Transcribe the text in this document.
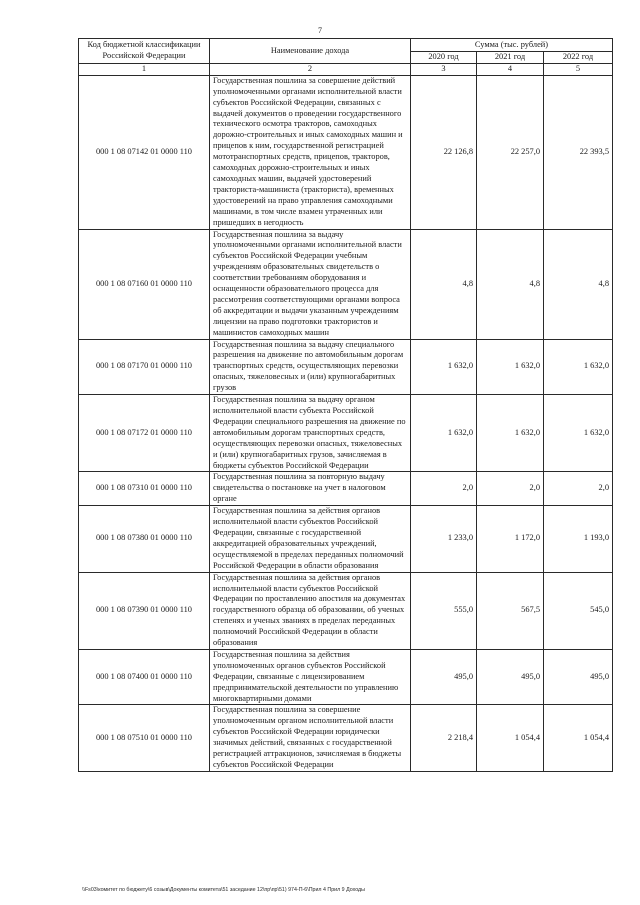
7
Код бюджетной классификации Российской Федерации	Наименование дохода	Сумма (тыс. рублей)		
		2020 год	2021 год	2022 год
1	2	3	4	5
000 1 08 07142 01 0000 110	Государственная пошлина за совершение действий уполномоченными органами исполнительной власти субъектов Российской Федерации, связанных с выдачей документов о проведении государственного технического осмотра тракторов, самоходных дорожно-строительных и иных самоходных машин и прицепов к ним, государственной регистрацией мототранспортных средств, прицепов, тракторов, самоходных дорожно-строительных и иных самоходных машин, выдачей удостоверений тракториста-машиниста (тракториста), временных удостоверений на право управления самоходными машинами, в том числе взамен утраченных или пришедших в негодность	22 126,8	22 257,0	22 393,5
000 1 08 07160 01 0000 110	Государственная пошлина за выдачу уполномоченными органами исполнительной власти субъектов Российской Федерации учебным учреждениям образовательных свидетельств о соответствии требованиям оборудования и оснащенности образовательного процесса для рассмотрения соответствующими органами вопроса об аккредитации и выдачи указанным учреждениям лицензии на право подготовки трактористов и машинистов самоходных машин	4,8	4,8	4,8
000 1 08 07170 01 0000 110	Государственная пошлина за выдачу специального разрешения на движение по автомобильным дорогам транспортных средств, осуществляющих перевозки опасных, тяжеловесных и (или) крупногабаритных грузов	1 632,0	1 632,0	1 632,0
000 1 08 07172 01 0000 110	Государственная пошлина за выдачу органом исполнительной власти субъекта Российской Федерации специального разрешения на движение по автомобильным дорогам транспортных средств, осуществляющих перевозки опасных, тяжеловесных и (или) крупногабаритных грузов, зачисляемая в бюджеты субъектов Российской Федерации	1 632,0	1 632,0	1 632,0
000 1 08 07310 01 0000 110	Государственная пошлина за повторную выдачу свидетельства о постановке на учет в налоговом органе	2,0	2,0	2,0
000 1 08 07380 01 0000 110	Государственная пошлина за действия органов исполнительной власти субъектов Российской Федерации, связанные с государственной аккредитацией образовательных учреждений, осуществляемой в пределах переданных полномочий Российской Федерации в области образования	1 233,0	1 172,0	1 193,0
000 1 08 07390 01 0000 110	Государственная пошлина за действия органов исполнительной власти субъектов Российской Федерации по проставлению апостиля на документах государственного образца об образовании, об ученых степенях и ученых званиях в пределах переданных полномочий Российской Федерации в области образования	555,0	567,5	545,0
000 1 08 07400 01 0000 110	Государственная пошлина за действия уполномоченных органов субъектов Российской Федерации, связанные с лицензированием предпринимательской деятельности по управлению многоквартирными домами	495,0	495,0	495,0
000 1 08 07510 01 0000 110	Государственная пошлина за совершение уполномоченным органом исполнительной власти субъектов Российской Федерации юридически значимых действий, связанных с государственной регистрацией аттракционов, зачисляемая в бюджеты субъектов Российской Федерации	2 218,4	1 054,4	1 054,4
\\Fs03\комитет по бюджету\6 созыв\Документы комитета\51 заседание 12\пр\пр\51) 974-П-6\Прил 4 Прил 9 Доходы
